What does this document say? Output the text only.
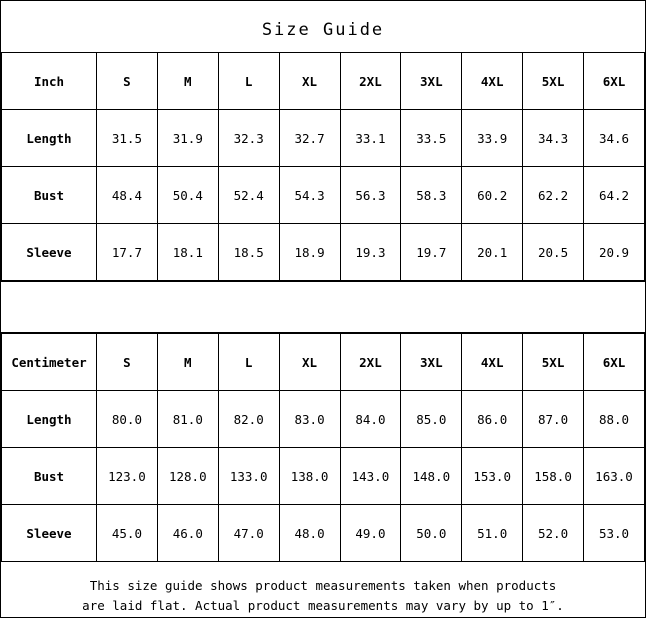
Size Guide
Inch	S	M	L	XL	2XL	3XL	4XL	5XL	6XL
Length	31.5	31.9	32.3	32.7	33.1	33.5	33.9	34.3	34.6
Bust	48.4	50.4	52.4	54.3	56.3	58.3	60.2	62.2	64.2
Sleeve	17.7	18.1	18.5	18.9	19.3	19.7	20.1	20.5	20.9
Centimeter	S	M	L	XL	2XL	3XL	4XL	5XL	6XL
Length	80.0	81.0	82.0	83.0	84.0	85.0	86.0	87.0	88.0
Bust	123.0	128.0	133.0	138.0	143.0	148.0	153.0	158.0	163.0
Sleeve	45.0	46.0	47.0	48.0	49.0	50.0	51.0	52.0	53.0
This size guide shows product measurements taken when products
are laid flat. Actual product measurements may vary by up to 1″.
